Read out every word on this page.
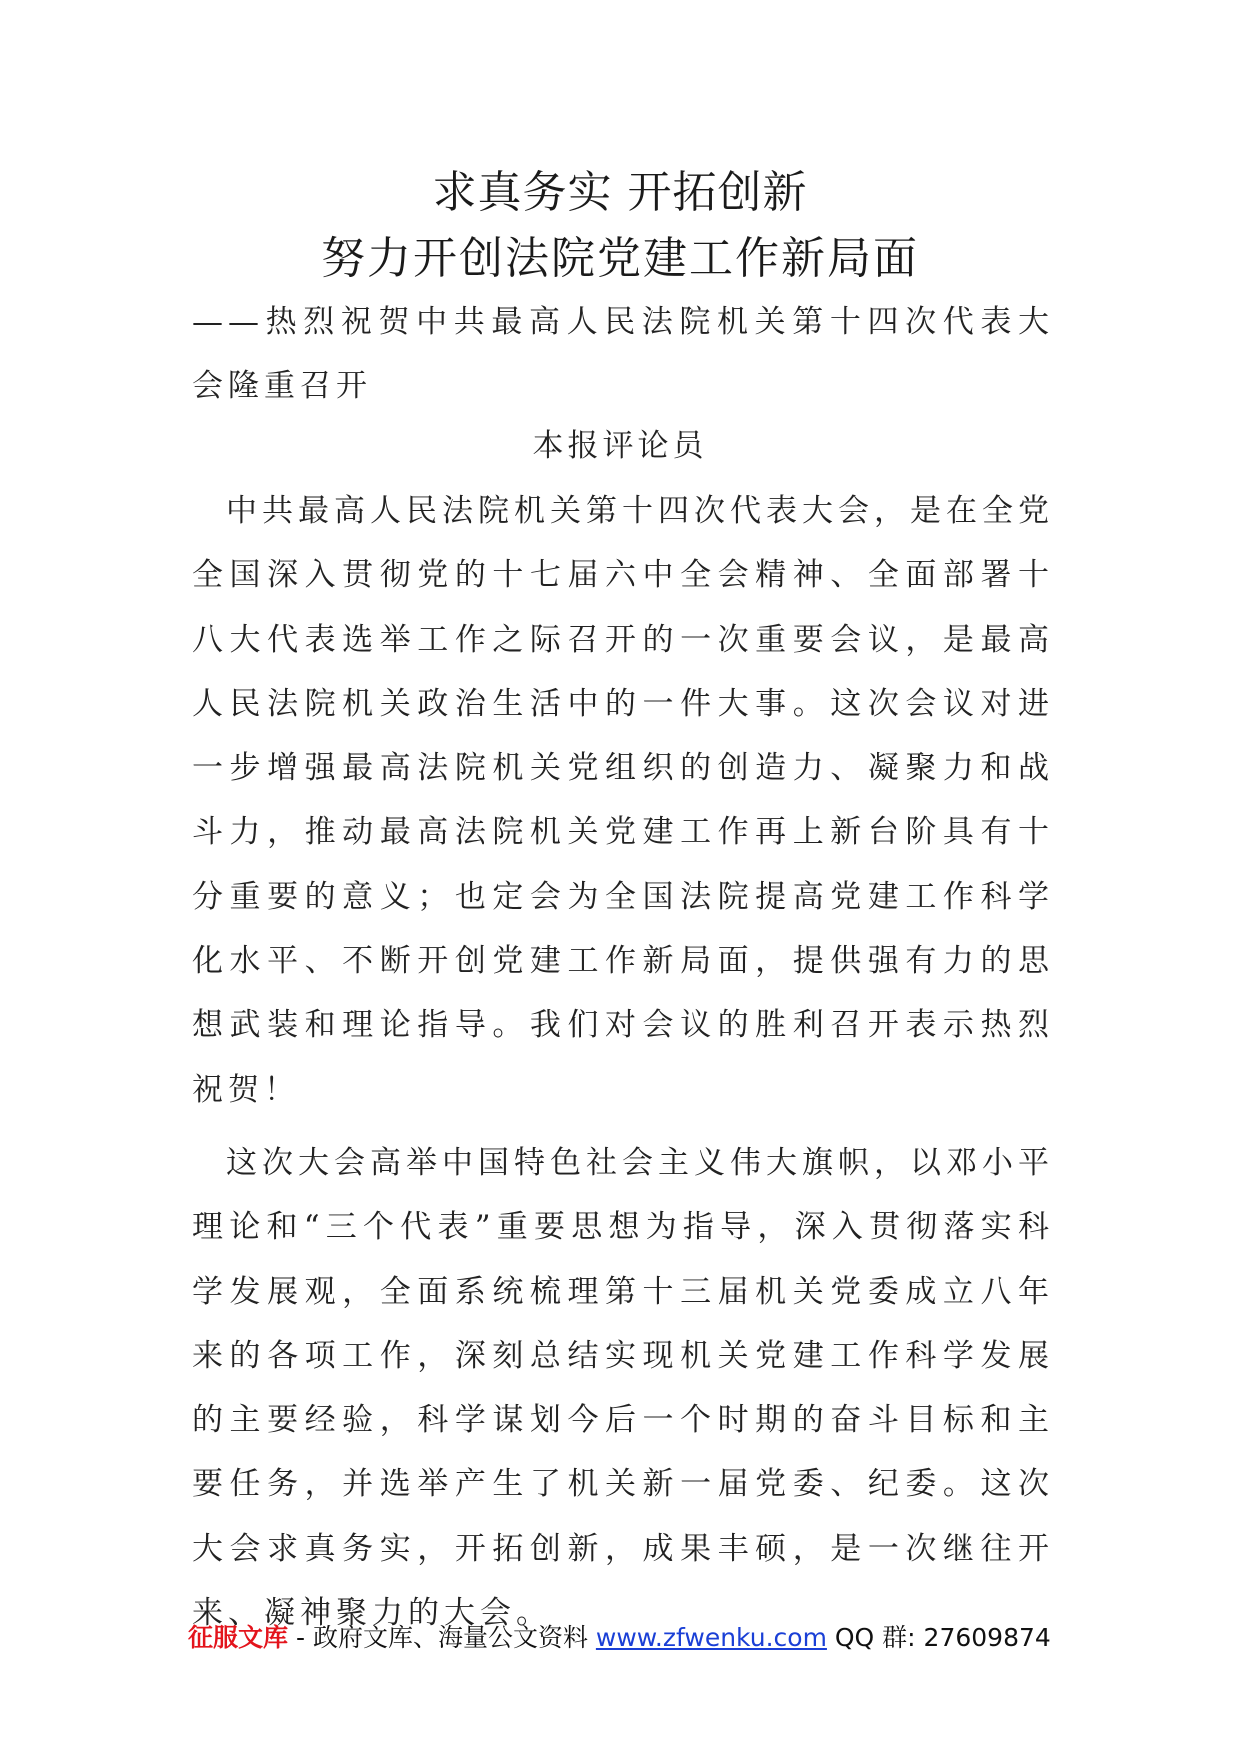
求真务实 开拓创新
努力开创法院党建工作新局面

——热烈祝贺中共最高人民法院机关第十四次代表大会隆重召开

本报评论员

中共最高人民法院机关第十四次代表大会，是在全党全国深入贯彻党的十七届六中全会精神、全面部署十八大代表选举工作之际召开的一次重要会议，是最高人民法院机关政治生活中的一件大事。这次会议对进一步增强最高法院机关党组织的创造力、凝聚力和战斗力，推动最高法院机关党建工作再上新台阶具有十分重要的意义；也定会为全国法院提高党建工作科学化水平、不断开创党建工作新局面，提供强有力的思想武装和理论指导。我们对会议的胜利召开表示热烈祝贺！

这次大会高举中国特色社会主义伟大旗帜，以邓小平理论和“三个代表”重要思想为指导，深入贯彻落实科学发展观，全面系统梳理第十三届机关党委成立八年来的各项工作，深刻总结实现机关党建工作科学发展的主要经验，科学谋划今后一个时期的奋斗目标和主要任务，并选举产生了机关新一届党委、纪委。这次大会求真务实，开拓创新，成果丰硕，是一次继往开来、凝神聚力的大会。

征服文库 - 政府文库、海量公文资料 www.zfwenku.com QQ 群: 27609874
